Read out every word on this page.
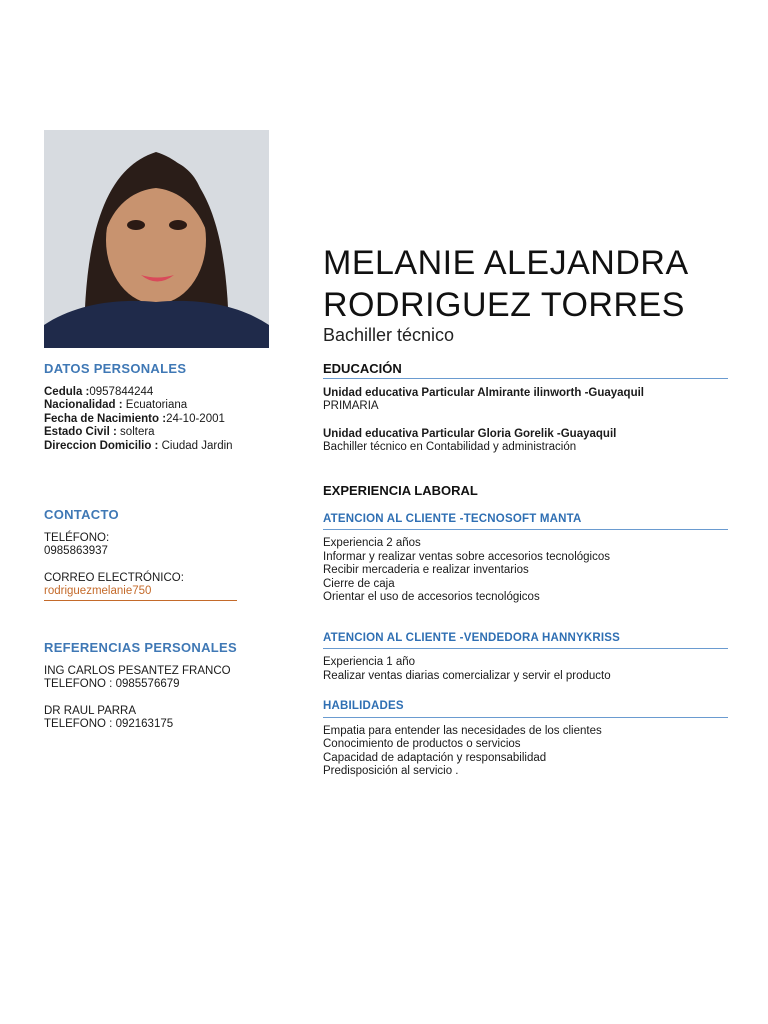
MELANIE ALEJANDRA
RODRIGUEZ TORRES
Bachiller técnico
DATOS PERSONALES
Cedula :0957844244
Nacionalidad : Ecuatoriana
Fecha de Nacimiento :24-10-2001
Estado Civil : soltera
Direccion Domicilio : Ciudad Jardin
CONTACTO
TELÉFONO:
0985863937
CORREO ELECTRÓNICO:
rodriguezmelanie750
REFERENCIAS PERSONALES
ING CARLOS PESANTEZ FRANCO
TELEFONO : 0985576679
DR RAUL PARRA
TELEFONO : 092163175
EDUCACIÓN
Unidad educativa Particular Almirante ilinworth -Guayaquil
PRIMARIA
Unidad educativa Particular Gloria Gorelik -Guayaquil
Bachiller técnico en Contabilidad y administración
EXPERIENCIA LABORAL
ATENCION AL CLIENTE -TECNOSOFT MANTA
Experiencia 2 años
Informar y realizar ventas sobre accesorios tecnológicos
Recibir mercaderia e realizar inventarios
Cierre de caja
Orientar el uso de accesorios tecnológicos
ATENCION AL CLIENTE -VENDEDORA HANNYKRISS
Experiencia 1 año
Realizar ventas diarias comercializar y servir el producto
HABILIDADES
Empatia para entender las necesidades de los clientes
Conocimiento de productos o servicios
Capacidad de adaptación y responsabilidad
Predisposición al servicio .
